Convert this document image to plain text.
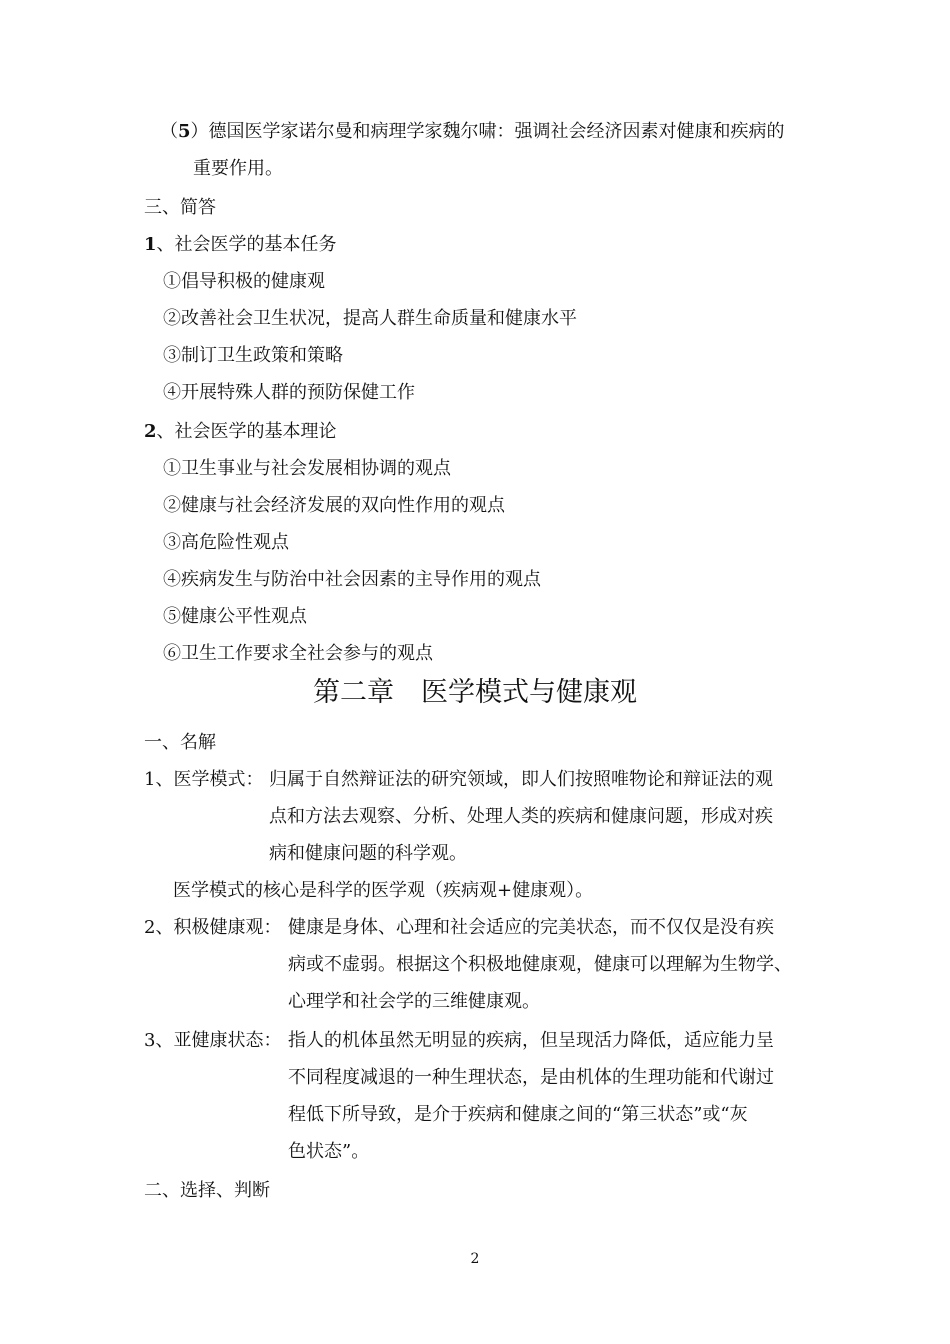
（5）德国医学家诺尔曼和病理学家魏尔啸：强调社会经济因素对健康和疾病的
重要作用。
三、简答
1、社会医学的基本任务
①倡导积极的健康观
②改善社会卫生状况，提高人群生命质量和健康水平
③制订卫生政策和策略
④开展特殊人群的预防保健工作
2、社会医学的基本理论
①卫生事业与社会发展相协调的观点
②健康与社会经济发展的双向性作用的观点
③高危险性观点
④疾病发生与防治中社会因素的主导作用的观点
⑤健康公平性观点
⑥卫生工作要求全社会参与的观点
第二章　医学模式与健康观
一、名解
1、医学模式： 归属于自然辩证法的研究领域，即人们按照唯物论和辩证法的观
点和方法去观察、分析、处理人类的疾病和健康问题，形成对疾
病和健康问题的科学观。
医学模式的核心是科学的医学观（疾病观+健康观）。
2、积极健康观： 健康是身体、心理和社会适应的完美状态，而不仅仅是没有疾
病或不虚弱。根据这个积极地健康观，健康可以理解为生物学、
心理学和社会学的三维健康观。
3、亚健康状态： 指人的机体虽然无明显的疾病，但呈现活力降低，适应能力呈
不同程度减退的一种生理状态，是由机体的生理功能和代谢过
程低下所导致，是介于疾病和健康之间的“第三状态”或“灰
色状态”。
二、选择、判断
2
